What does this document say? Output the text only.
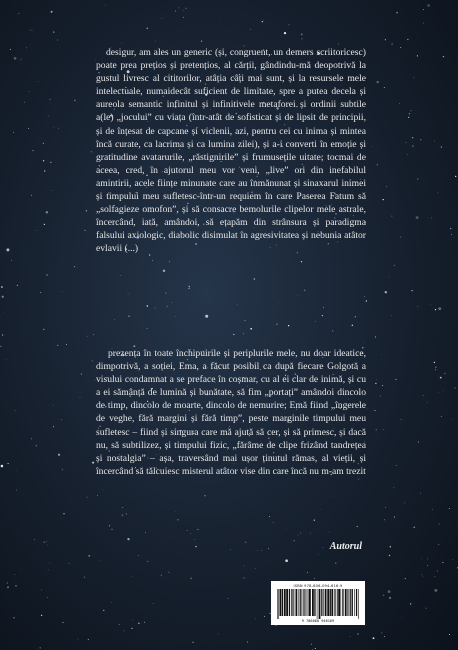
desigur, am ales un generic (și, congruent, un demers scriitoricesc) poate prea prețios și pretențios, al cărții, gândindu-mă deopotrivă la gustul livresc al cititorilor, atâția câți mai sunt, și la resursele mele intelectuale, numaidecât suficient de limitate, spre a putea decela și aureola semantic infinitul și infinitivele metaforei și ordinii subtile a(le) „jocului” cu viața (într-atât de sofisticat și de lipsit de principii, și de înțesat de capcane și viclenii, azi, pentru cei cu inima și mintea încă curate, ca lacrima și ca lumina zilei), și a-i converti în emoție și gratitudine avatarurile, „răstignirile” și frumusețile uitate; tocmai de aceea, cred, în ajutorul meu vor veni, „live” ori din inefabilul amintirii, acele ființe minunate care au înmănunat și sinaxarul inimei și timpului meu sufletesc-într-un requiem în care Paserea Fatum să „solfagieze omofon”, și să consacre bemolurile clipelor mele astrale, încercând, iată, amândoi, să ețapăm din strânsura și paradigma falsului axiologic, diabolic disimulat în agresivitatea și nebunia atâtor evlavii (...)
prezența în toate închipuirile și periplurile mele, nu doar ideatice, dimpotrivă, a soției, Ema, a făcut posibil ca după fiecare Golgotă a visului condamnat a se preface în coșmar, cu al ei clar de inimă, și cu a ei sămânță de lumină și bunătate, să fim „portați” amândoi dincolo de timp, dincolo de moarte, dincolo de nemurire; Emă fiind „îngerele de veghe, fără margini și fără timp”, peste marginile timpului meu sufletesc – fiind și singura care mă ajută să cer, și să primesc, și dacă nu, să subtilizez, și timpului fizic, „fărâme de clipe frizând tandrețea și nostalgia” – așa, traversând mai ușor ținutul rămas, al vieții, și încercând să tălcuiesc misterul atâtor vise din care încă nu m-am trezit
Autorul
ISBN 978-606-094-616-9
9 786060 946169
